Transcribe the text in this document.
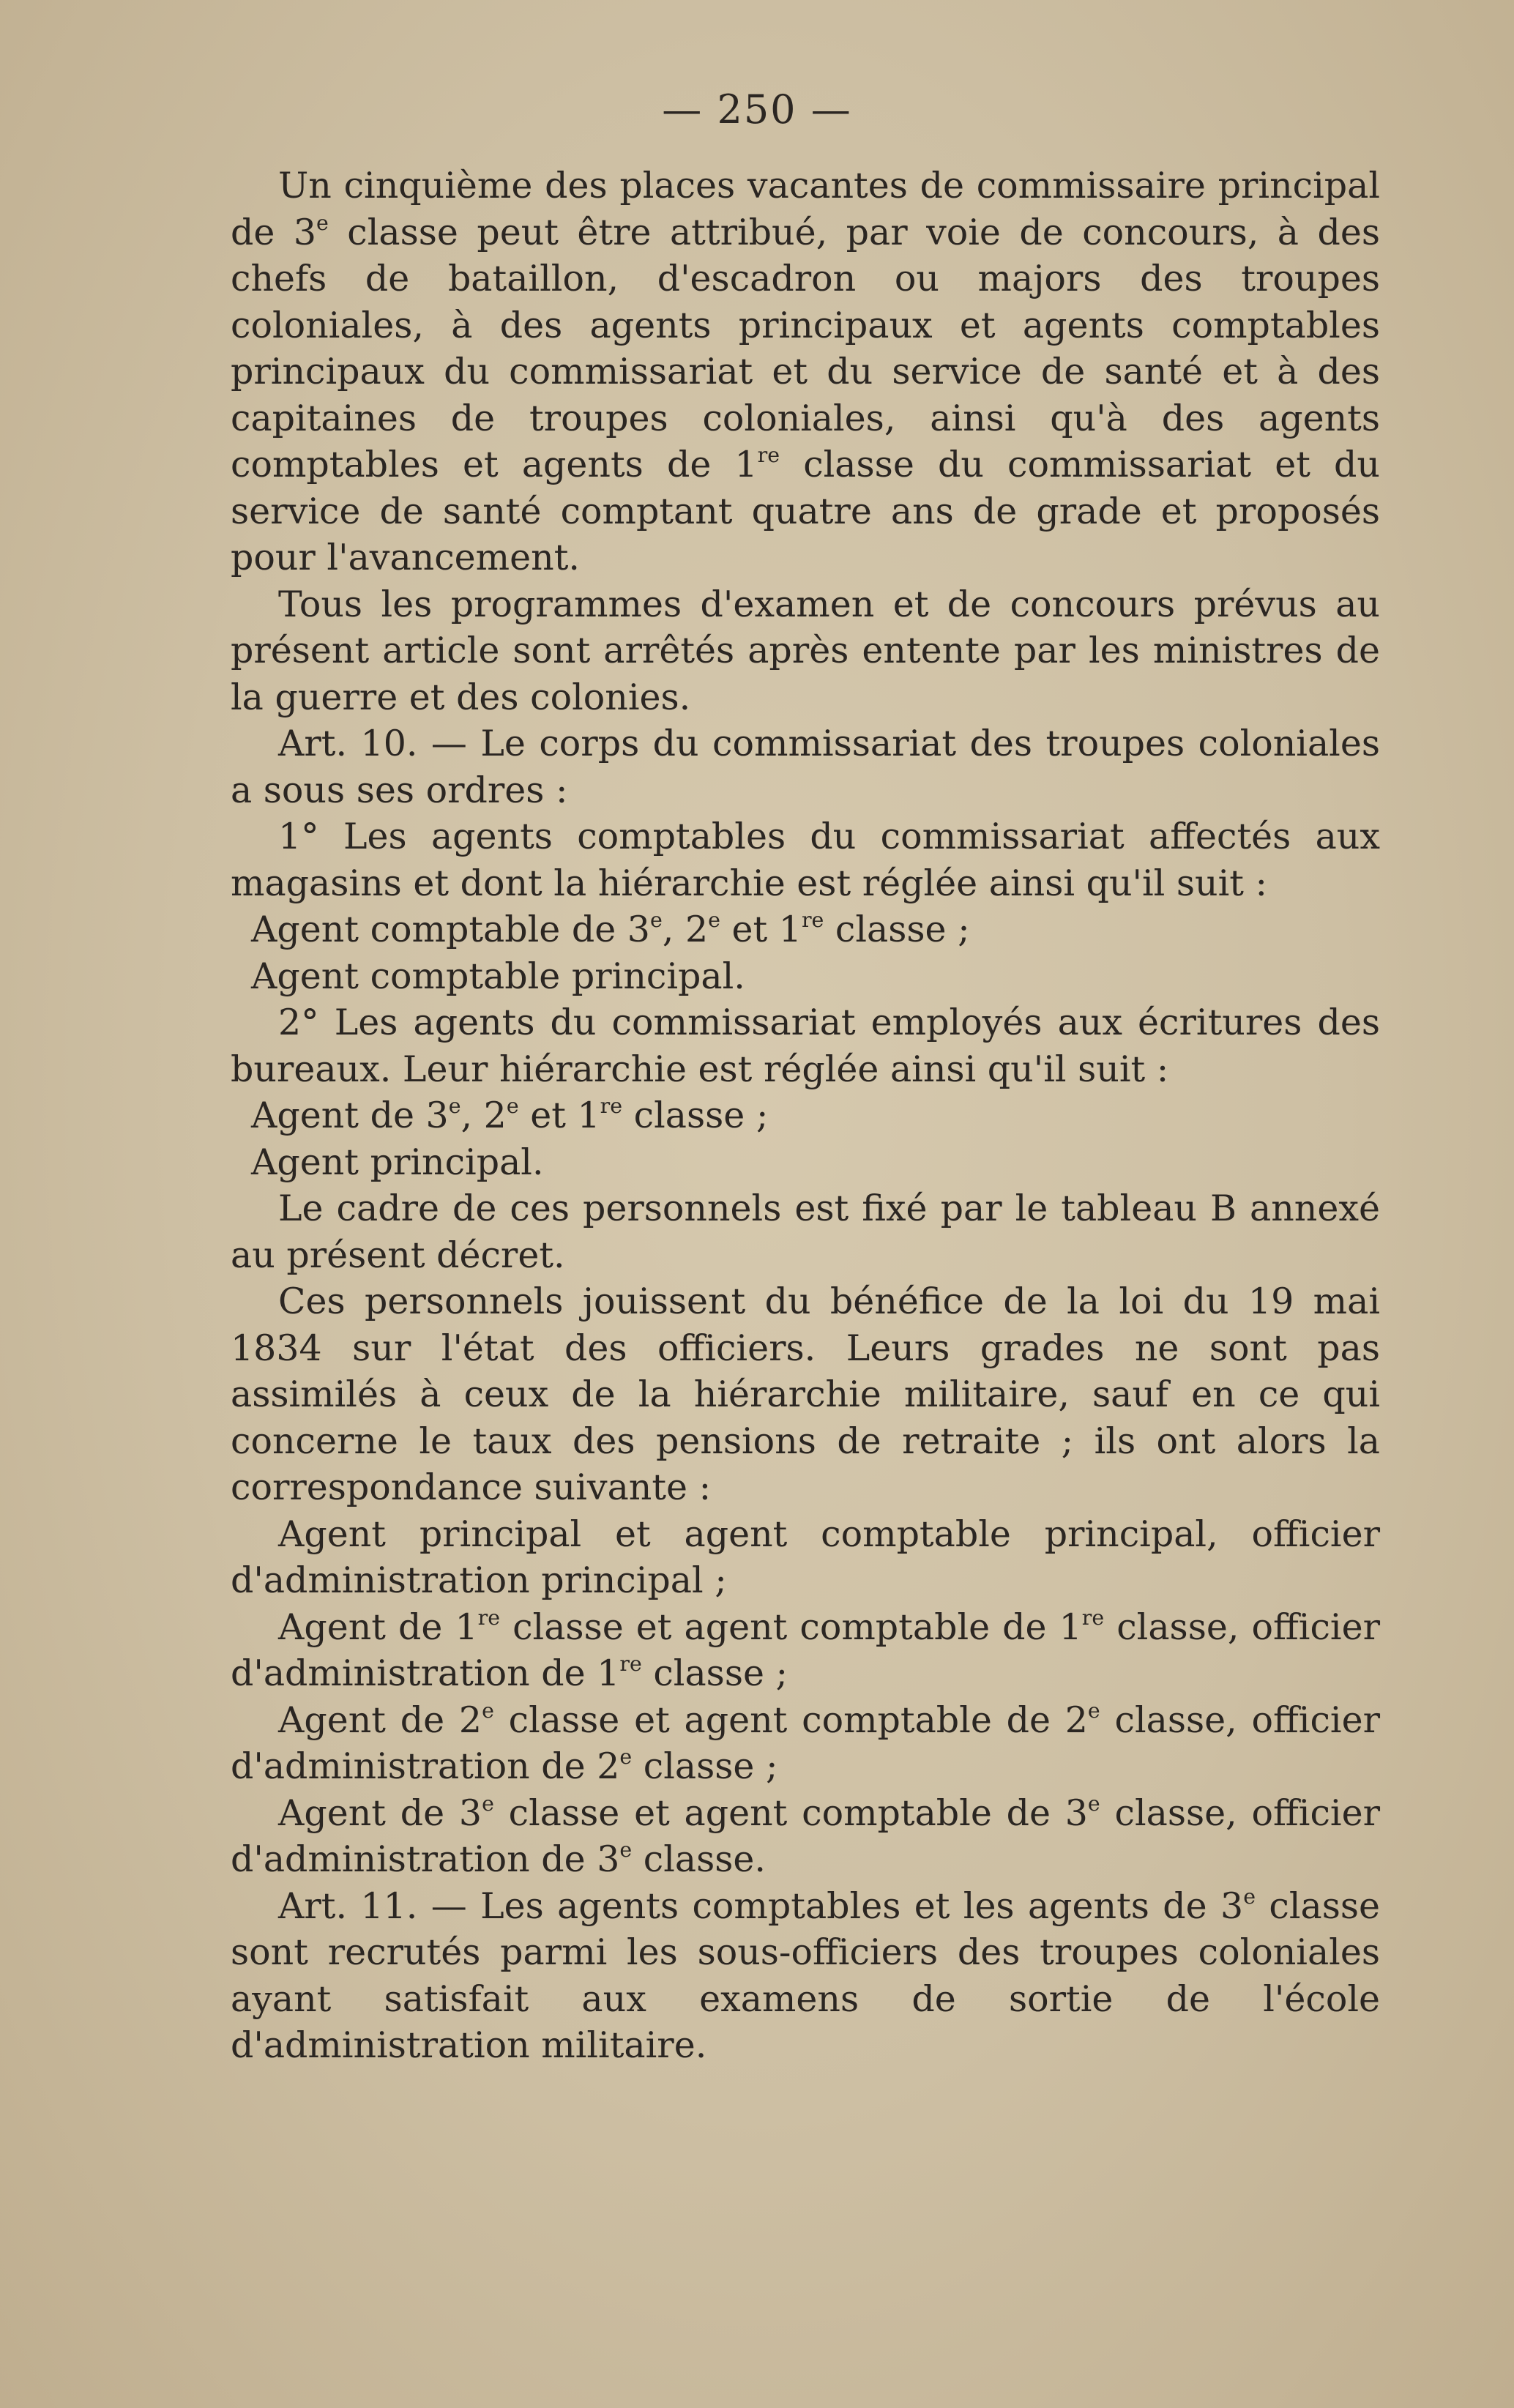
— 250 —

Un cinquième des places vacantes de commissaire principal de 3e classe peut être attribué, par voie de concours, à des chefs de bataillon, d'escadron ou majors des troupes coloniales, à des agents principaux et agents comptables principaux du commissariat et du service de santé et à des capitaines de troupes coloniales, ainsi qu'à des agents comptables et agents de 1re classe du commissariat et du service de santé comptant quatre ans de grade et proposés pour l'avancement.

Tous les programmes d'examen et de concours prévus au présent article sont arrêtés après entente par les ministres de la guerre et des colonies.

Art. 10. — Le corps du commissariat des troupes coloniales a sous ses ordres :

1° Les agents comptables du commissariat affectés aux magasins et dont la hiérarchie est réglée ainsi qu'il suit :

Agent comptable de 3e, 2e et 1re classe ;

Agent comptable principal.

2° Les agents du commissariat employés aux écritures des bureaux. Leur hiérarchie est réglée ainsi qu'il suit :

Agent de 3e, 2e et 1re classe ;

Agent principal.

Le cadre de ces personnels est fixé par le tableau B annexé au présent décret.

Ces personnels jouissent du bénéfice de la loi du 19 mai 1834 sur l'état des officiers. Leurs grades ne sont pas assimilés à ceux de la hiérarchie militaire, sauf en ce qui concerne le taux des pensions de retraite ; ils ont alors la correspondance suivante :

Agent principal et agent comptable principal, officier d'administration principal ;

Agent de 1re classe et agent comptable de 1re classe, officier d'administration de 1re classe ;

Agent de 2e classe et agent comptable de 2e classe, officier d'administration de 2e classe ;

Agent de 3e classe et agent comptable de 3e classe, officier d'administration de 3e classe.

Art. 11. — Les agents comptables et les agents de 3e classe sont recrutés parmi les sous-officiers des troupes coloniales ayant satisfait aux examens de sortie de l'école d'administration militaire.
